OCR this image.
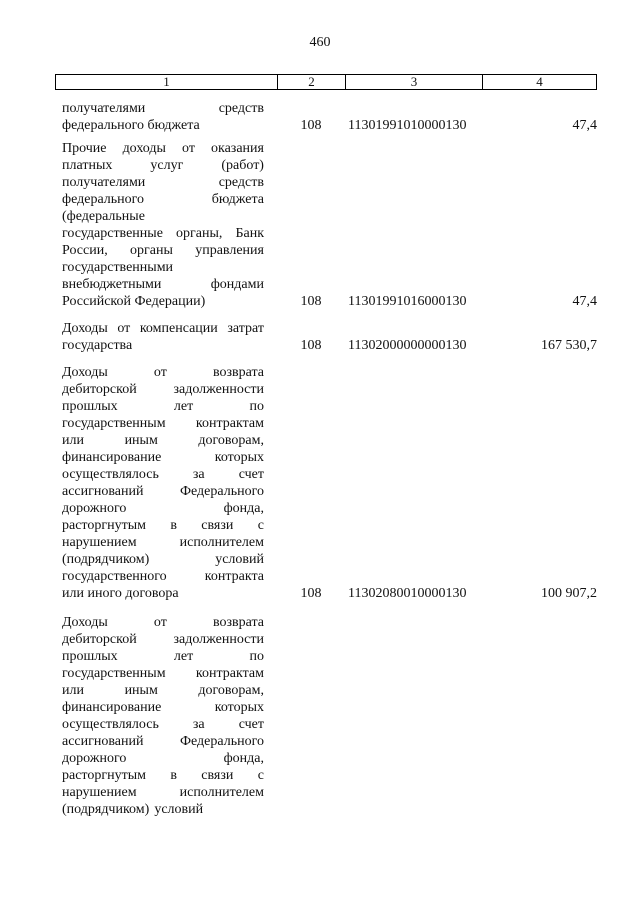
460
1	2	3	4
получателями	средств
федерального бюджета	108 11301991010000130	47,4
Прочие доходы от оказания
платных	услуг	(работ)
получателями	средств
федерального	бюджета
(федеральные
государственные органы, Банк
России, органы управления
государственными
внебюджетными	фондами
Российской Федерации)	108 11301991016000130	47,4
Доходы от компенсации затрат
государства	108 11302000000000130	167 530,7
Доходы	от	возврата
дебиторской	задолженности
прошлых	лет	по
государственным контрактам
или	иным	договорам,
финансирование	которых
осуществлялось за счет
ассигнований	Федерального
дорожного	фонда,
расторгнутым в связи с
нарушением	исполнителем
(подрядчиком)	условий
государственного	контракта
или иного договора	108 11302080010000130	100 907,2
Доходы	от	возврата
дебиторской	задолженности
прошлых	лет	по
государственным контрактам
или	иным	договорам,
финансирование	которых
осуществлялось за счет
ассигнований	Федерального
дорожного	фонда,
расторгнутым в связи с
нарушением	исполнителем
(подрядчиком) условий
